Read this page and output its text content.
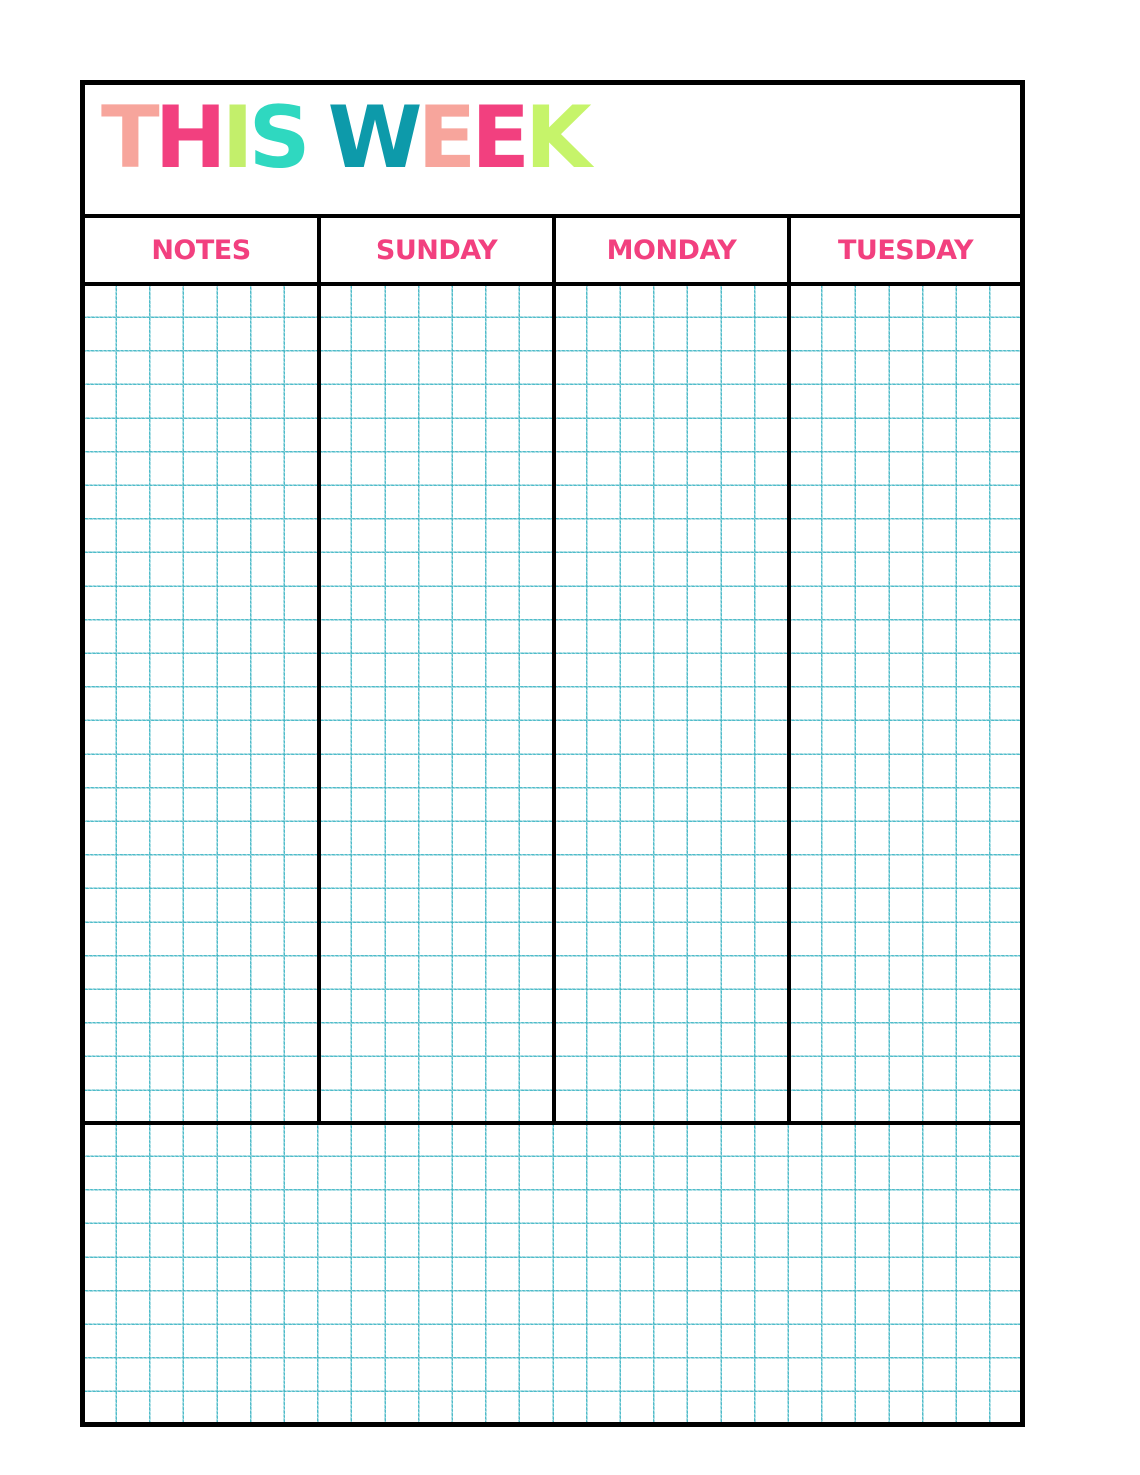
THIS WEEK
NOTES	SUNDAY	MONDAY	TUESDAY
